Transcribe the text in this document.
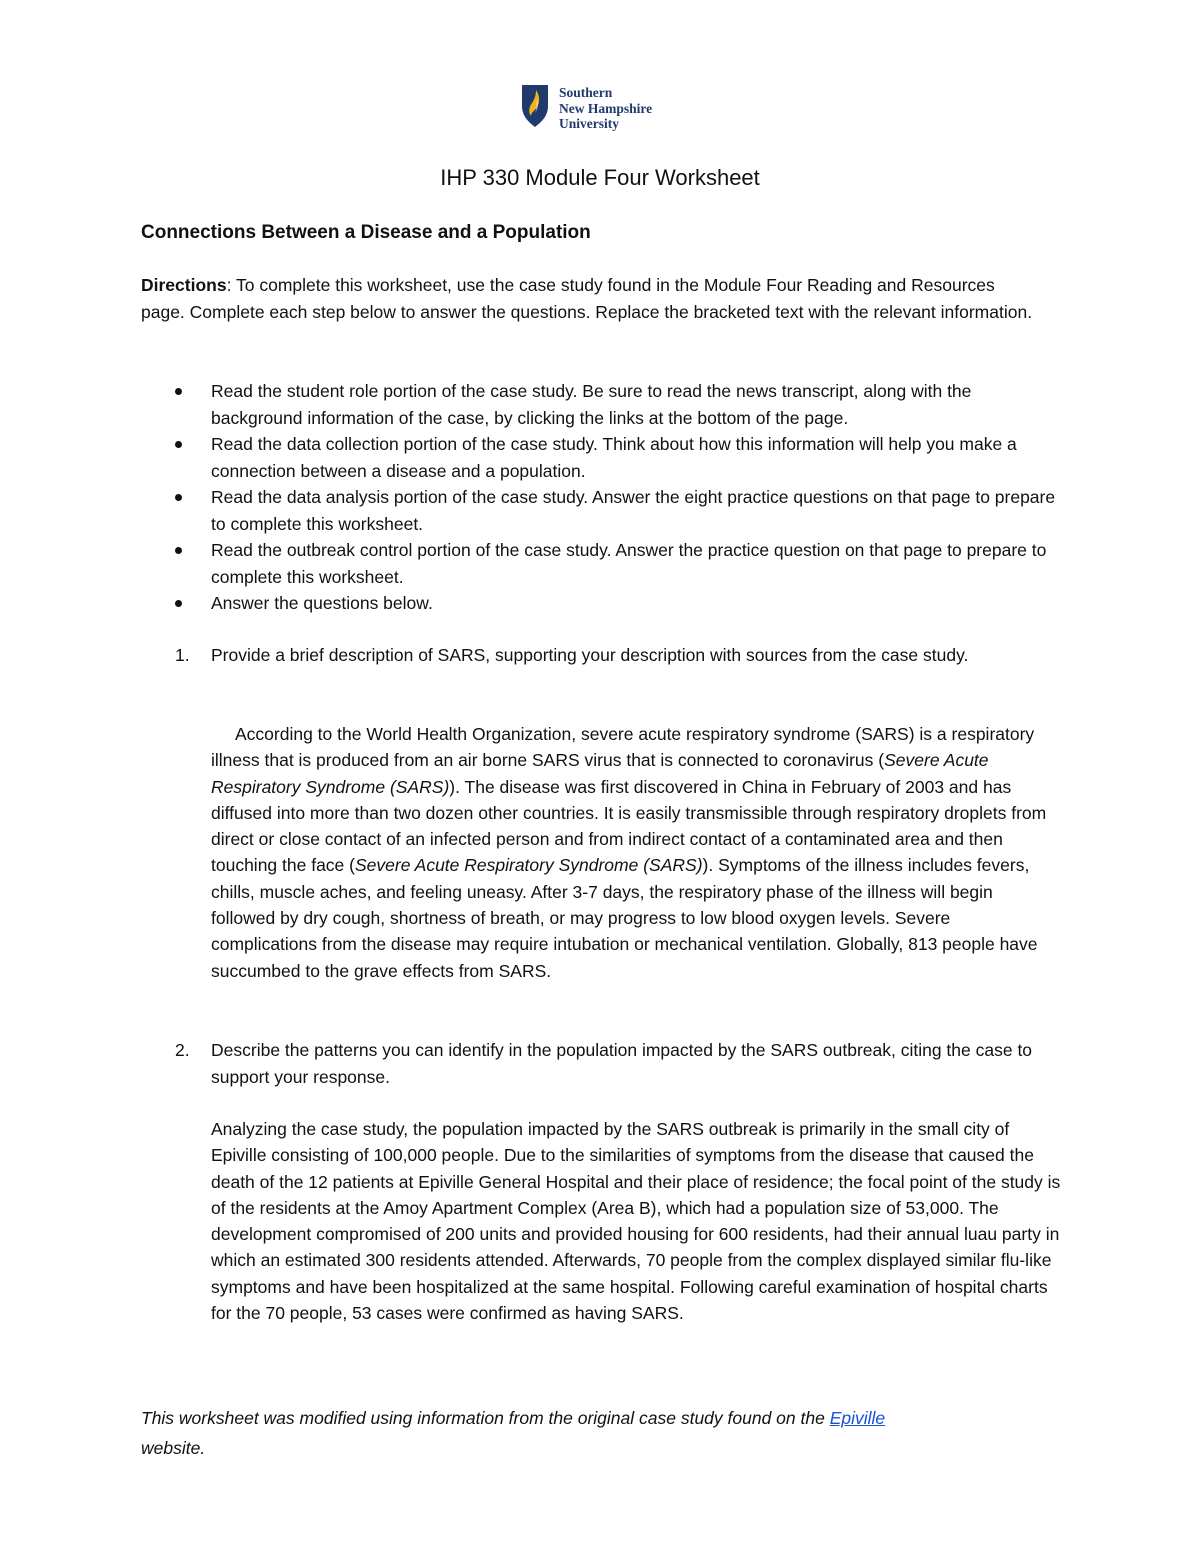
Southern
New Hampshire
University
IHP 330 Module Four Worksheet
Connections Between a Disease and a Population
Directions: To complete this worksheet, use the case study found in the Module Four Reading and Resources page. Complete each step below to answer the questions. Replace the bracketed text with the relevant information.
Read the student role portion of the case study. Be sure to read the news transcript, along with the background information of the case, by clicking the links at the bottom of the page.
Read the data collection portion of the case study. Think about how this information will help you make a connection between a disease and a population.
Read the data analysis portion of the case study. Answer the eight practice questions on that page to prepare to complete this worksheet.
Read the outbreak control portion of the case study. Answer the practice question on that page to prepare to complete this worksheet.
Answer the questions below.
1.	Provide a brief description of SARS, supporting your description with sources from the case study.
According to the World Health Organization, severe acute respiratory syndrome (SARS) is a respiratory illness that is produced from an air borne SARS virus that is connected to coronavirus (Severe Acute Respiratory Syndrome (SARS)). The disease was first discovered in China in February of 2003 and has diffused into more than two dozen other countries. It is easily transmissible through respiratory droplets from direct or close contact of an infected person and from indirect contact of a contaminated area and then touching the face (Severe Acute Respiratory Syndrome (SARS)). Symptoms of the illness includes fevers, chills, muscle aches, and feeling uneasy. After 3-7 days, the respiratory phase of the illness will begin followed by dry cough, shortness of breath, or may progress to low blood oxygen levels. Severe complications from the disease may require intubation or mechanical ventilation. Globally, 813 people have succumbed to the grave effects from SARS.
2.	Describe the patterns you can identify in the population impacted by the SARS outbreak, citing the case to support your response.
Analyzing the case study, the population impacted by the SARS outbreak is primarily in the small city of Epiville consisting of 100,000 people. Due to the similarities of symptoms from the disease that caused the death of the 12 patients at Epiville General Hospital and their place of residence; the focal point of the study is of the residents at the Amoy Apartment Complex (Area B), which had a population size of 53,000. The development compromised of 200 units and provided housing for 600 residents, had their annual luau party in which an estimated 300 residents attended. Afterwards, 70 people from the complex displayed similar flu-like symptoms and have been hospitalized at the same hospital. Following careful examination of hospital charts for the 70 people, 53 cases were confirmed as having SARS.
This worksheet was modified using information from the original case study found on the Epiville
website.
